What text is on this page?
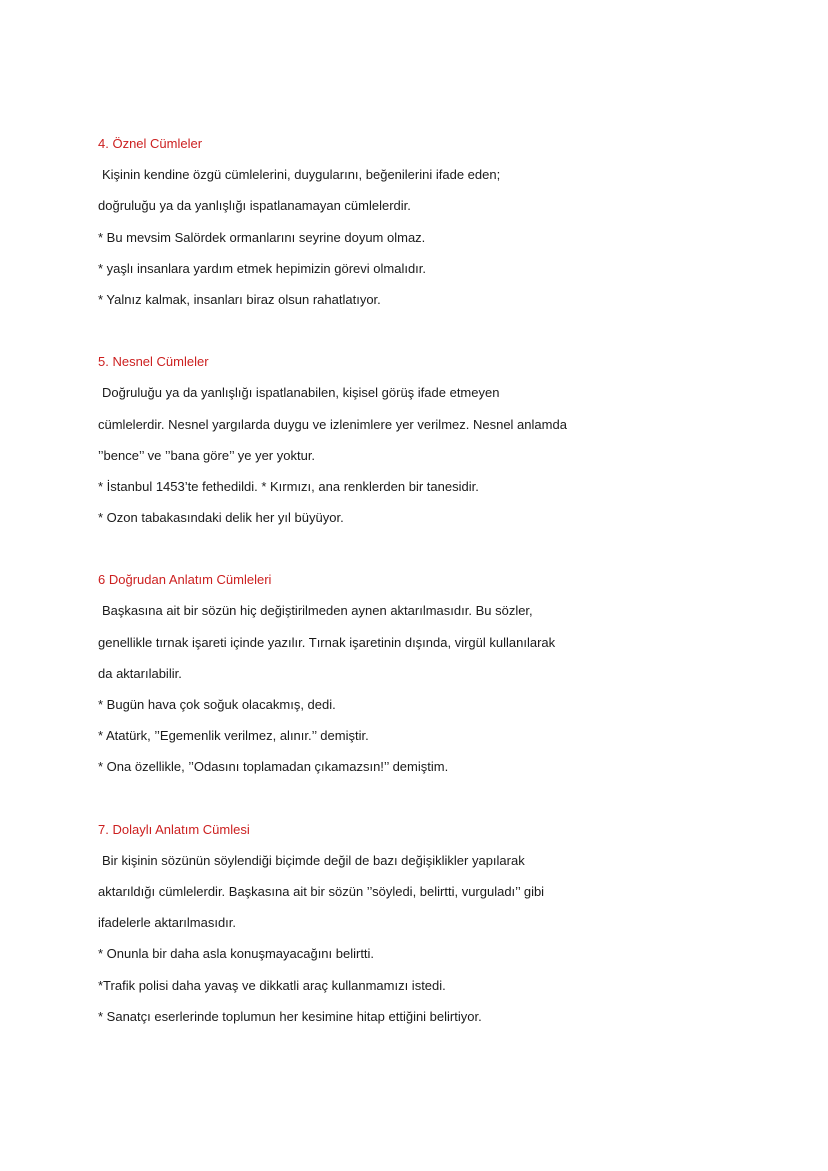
4. Öznel Cümleler
Kişinin kendine özgü cümlelerini, duygularını, beğenilerini ifade eden;
doğruluğu ya da yanlışlığı ispatlanamayan cümlelerdir.
* Bu mevsim Salördek ormanlarını seyrine doyum olmaz.
* yaşlı insanlara yardım etmek hepimizin görevi olmalıdır.
* Yalnız kalmak, insanları biraz olsun rahatlatıyor.
5. Nesnel Cümleler
Doğruluğu ya da yanlışlığı ispatlanabilen, kişisel görüş ifade etmeyen
cümlelerdir. Nesnel yargılarda duygu ve izlenimlere yer verilmez. Nesnel anlamda
’’bence’’ ve ’’bana göre’’ ye yer yoktur.
* İstanbul 1453’te fethedildi. * Kırmızı, ana renklerden bir tanesidir.
* Ozon tabakasındaki delik her yıl büyüyor.
6 Doğrudan Anlatım Cümleleri
Başkasına ait bir sözün hiç değiştirilmeden aynen aktarılmasıdır. Bu sözler,
genellikle tırnak işareti içinde yazılır. Tırnak işaretinin dışında, virgül kullanılarak
da aktarılabilir.
* Bugün hava çok soğuk olacakmış, dedi.
* Atatürk, ’’Egemenlik verilmez, alınır.’’ demiştir.
* Ona özellikle, ’’Odasını toplamadan çıkamazsın!’’ demiştim.
7. Dolaylı Anlatım Cümlesi
Bir kişinin sözünün söylendiği biçimde değil de bazı değişiklikler yapılarak
aktarıldığı cümlelerdir. Başkasına ait bir sözün ’’söyledi, belirtti, vurguladı’’ gibi
ifadelerle aktarılmasıdır.
* Onunla bir daha asla konuşmayacağını belirtti.
*Trafik polisi daha yavaş ve dikkatli araç kullanmamızı istedi.
* Sanatçı eserlerinde toplumun her kesimine hitap ettiğini belirtiyor.
